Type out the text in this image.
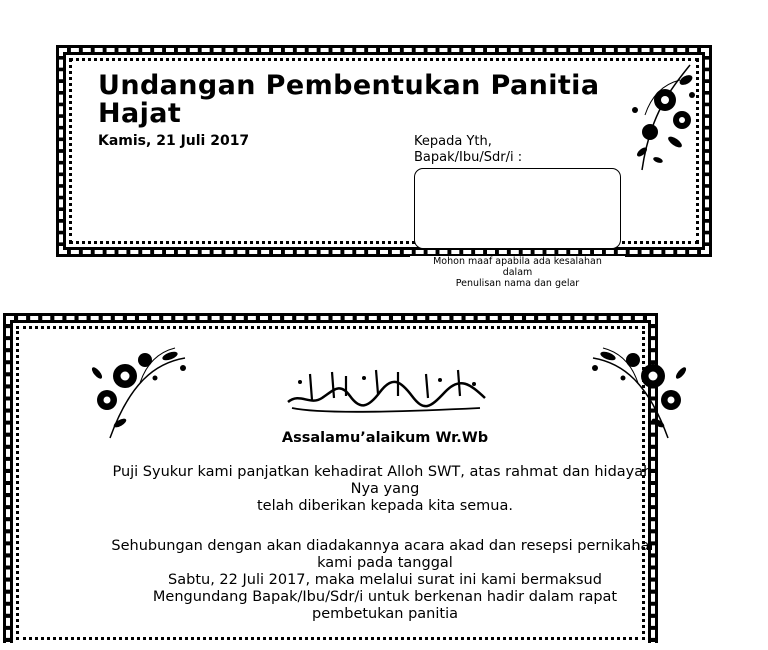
Undangan Pembentukan Panitia Hajat
Kamis, 21 Juli 2017	Kepada Yth,
Bapak/Ibu/Sdr/i :
Mohon maaf apabila ada kesalahan
dalam
Penulisan nama dan gelar
Assalamu’alaikum Wr.Wb
Puji Syukur kami panjatkan kehadirat Alloh SWT, atas rahmat dan hidayah-
Nya yang
telah diberikan kepada kita semua.
Sehubungan dengan akan diadakannya acara akad dan resepsi pernikahan
kami pada tanggal
Sabtu, 22 Juli 2017, maka melalui surat ini kami bermaksud
Mengundang Bapak/Ibu/Sdr/i untuk berkenan hadir dalam rapat
pembetukan panitia
